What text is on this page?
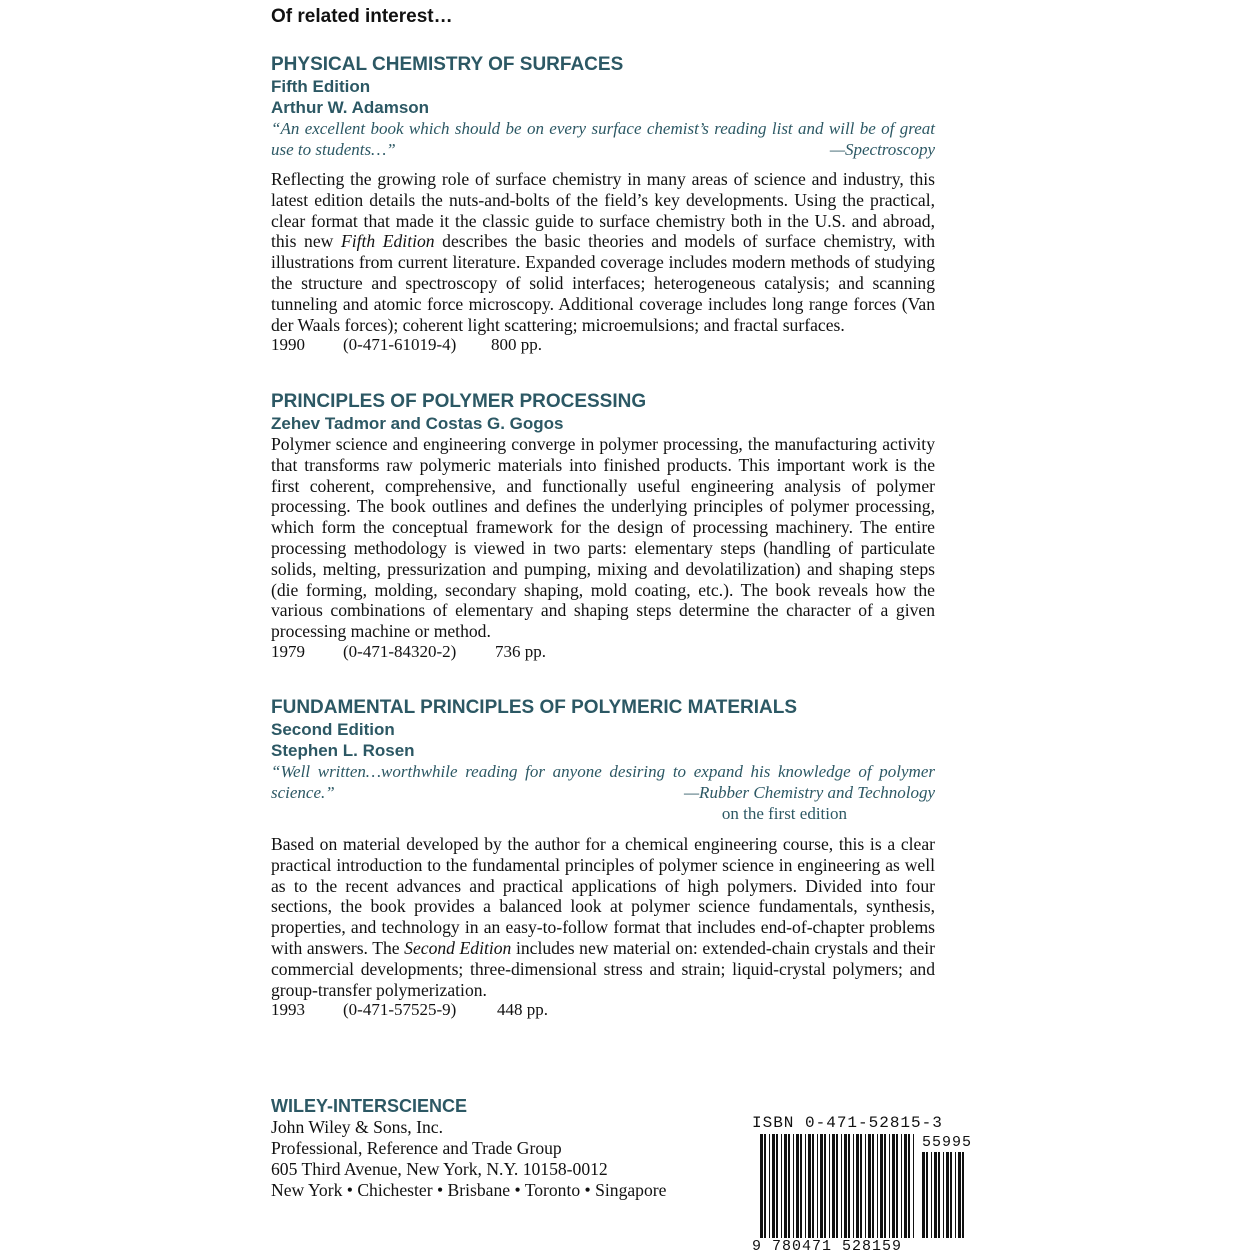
Of related interest…
PHYSICAL CHEMISTRY OF SURFACES
Fifth Edition
Arthur W. Adamson
“An excellent book which should be on every surface chemist’s reading list and will be of great use to students…”	—Spectroscopy
Reflecting the growing role of surface chemistry in many areas of science and industry, this latest edition details the nuts-and-bolts of the field’s key developments. Using the practical, clear format that made it the classic guide to surface chemistry both in the U.S. and abroad, this new Fifth Edition describes the basic theories and models of surface chemistry, with illustrations from current literature. Expanded coverage includes modern methods of studying the structure and spectroscopy of solid interfaces; heterogeneous catalysis; and scanning tunneling and atomic force microscopy. Additional coverage includes long range forces (Van der Waals forces); coherent light scattering; microemulsions; and fractal surfaces.
1990 (0-471-61019-4) 800 pp.
PRINCIPLES OF POLYMER PROCESSING
Zehev Tadmor and Costas G. Gogos
Polymer science and engineering converge in polymer processing, the manufacturing activity that transforms raw polymeric materials into finished products. This important work is the first coherent, comprehensive, and functionally useful engineering analysis of polymer processing. The book outlines and defines the underlying principles of polymer processing, which form the conceptual framework for the design of processing machinery. The entire processing methodology is viewed in two parts: elementary steps (handling of particulate solids, melting, pressurization and pumping, mixing and devolatilization) and shaping steps (die forming, molding, secondary shaping, mold coating, etc.). The book reveals how the various combinations of elementary and shaping steps determine the character of a given processing machine or method.
1979 (0-471-84320-2) 736 pp.
FUNDAMENTAL PRINCIPLES OF POLYMERIC MATERIALS
Second Edition
Stephen L. Rosen
“Well written…worthwhile reading for anyone desiring to expand his knowledge of polymer science.”	—Rubber Chemistry and Technology
on the first edition
Based on material developed by the author for a chemical engineering course, this is a clear practical introduction to the fundamental principles of polymer science in engineering as well as to the recent advances and practical applications of high polymers. Divided into four sections, the book provides a balanced look at polymer science fundamentals, synthesis, properties, and technology in an easy-to-follow format that includes end-of-chapter problems with answers. The Second Edition includes new material on: extended-chain crystals and their commercial developments; three-dimensional stress and strain; liquid-crystal polymers; and group-transfer polymerization.
1993 (0-471-57525-9) 448 pp.
WILEY-INTERSCIENCE
John Wiley & Sons, Inc.
Professional, Reference and Trade Group
605 Third Avenue, New York, N.Y. 10158-0012
New York • Chichester • Brisbane • Toronto • Singapore
ISBN 0-471-52815-3
55995
9 780471 528159
